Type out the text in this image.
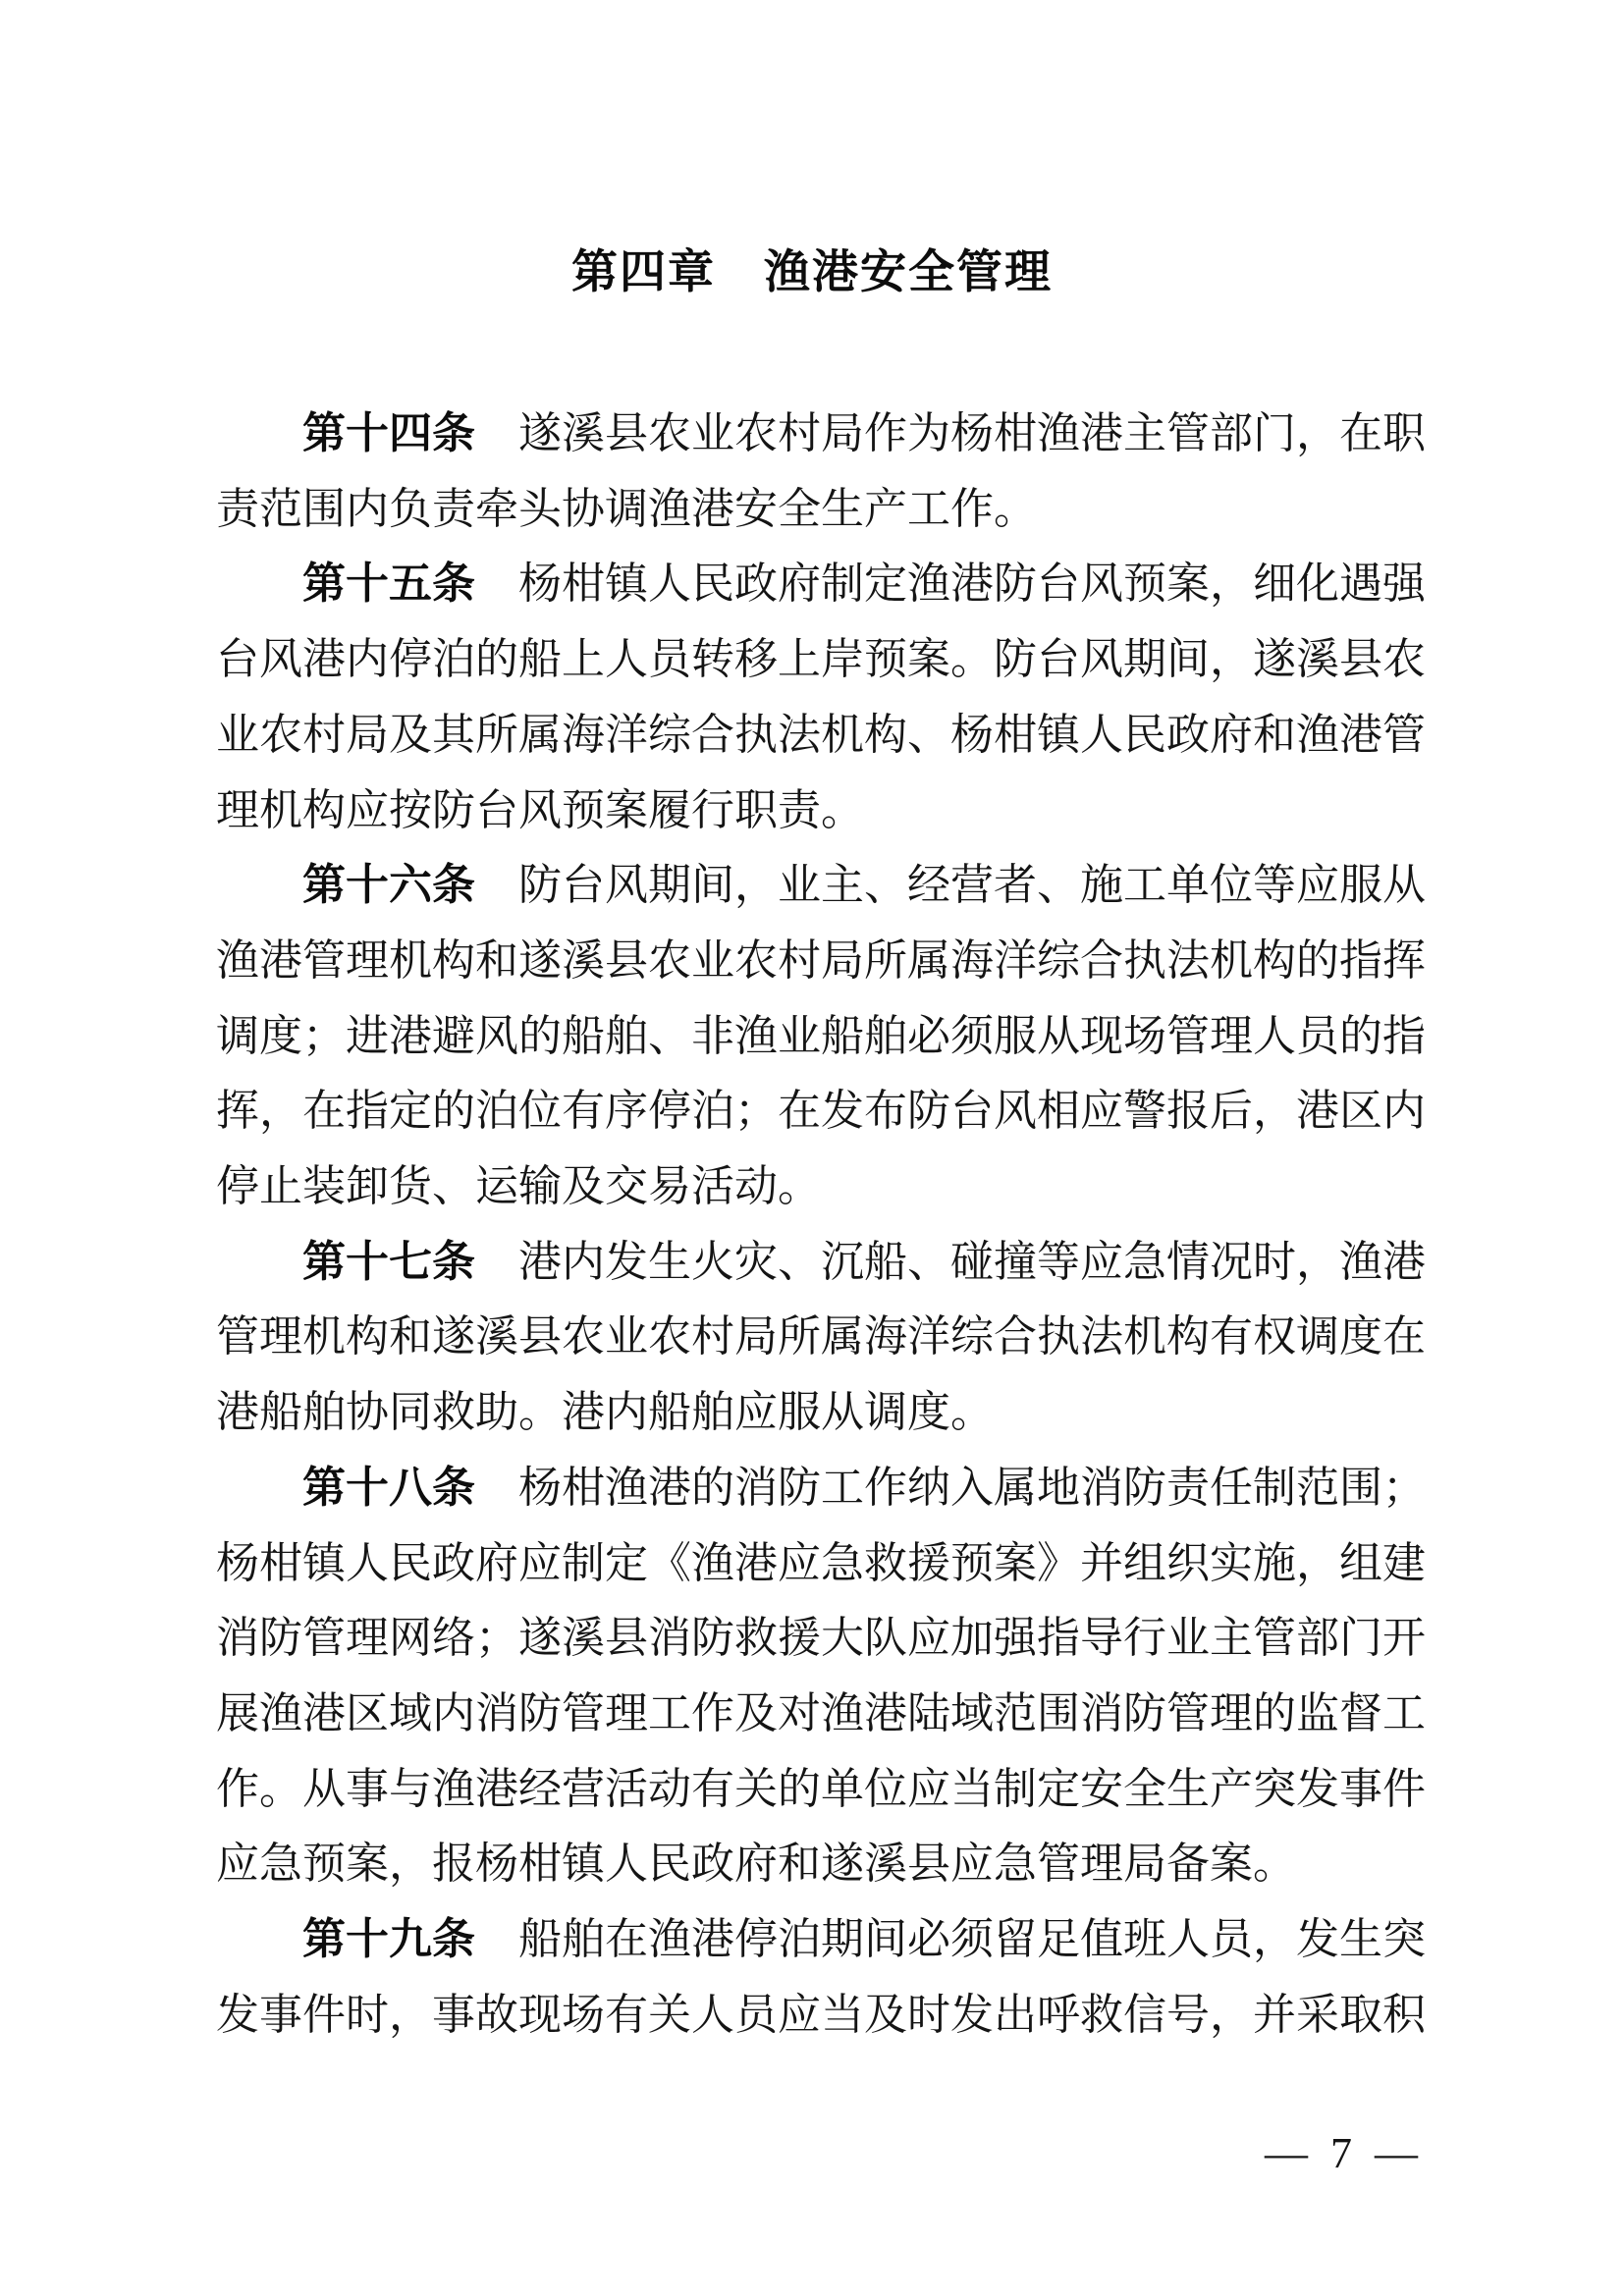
第四章　渔港安全管理

第十四条 遂溪县农业农村局作为杨柑渔港主管部门，在职责范围内负责牵头协调渔港安全生产工作。

第十五条 杨柑镇人民政府制定渔港防台风预案，细化遇强台风港内停泊的船上人员转移上岸预案。防台风期间，遂溪县农业农村局及其所属海洋综合执法机构、杨柑镇人民政府和渔港管理机构应按防台风预案履行职责。

第十六条 防台风期间，业主、经营者、施工单位等应服从渔港管理机构和遂溪县农业农村局所属海洋综合执法机构的指挥调度；进港避风的船舶、非渔业船舶必须服从现场管理人员的指挥，在指定的泊位有序停泊；在发布防台风相应警报后，港区内停止装卸货、运输及交易活动。

第十七条 港内发生火灾、沉船、碰撞等应急情况时，渔港管理机构和遂溪县农业农村局所属海洋综合执法机构有权调度在港船舶协同救助。港内船舶应服从调度。

第十八条 杨柑渔港的消防工作纳入属地消防责任制范围；杨柑镇人民政府应制定《渔港应急救援预案》并组织实施，组建消防管理网络；遂溪县消防救援大队应加强指导行业主管部门开展渔港区域内消防管理工作及对渔港陆域范围消防管理的监督工作。从事与渔港经营活动有关的单位应当制定安全生产突发事件应急预案，报杨柑镇人民政府和遂溪县应急管理局备案。

第十九条 船舶在渔港停泊期间必须留足值班人员，发生突发事件时，事故现场有关人员应当及时发出呼救信号，并采取积

— 7 —
